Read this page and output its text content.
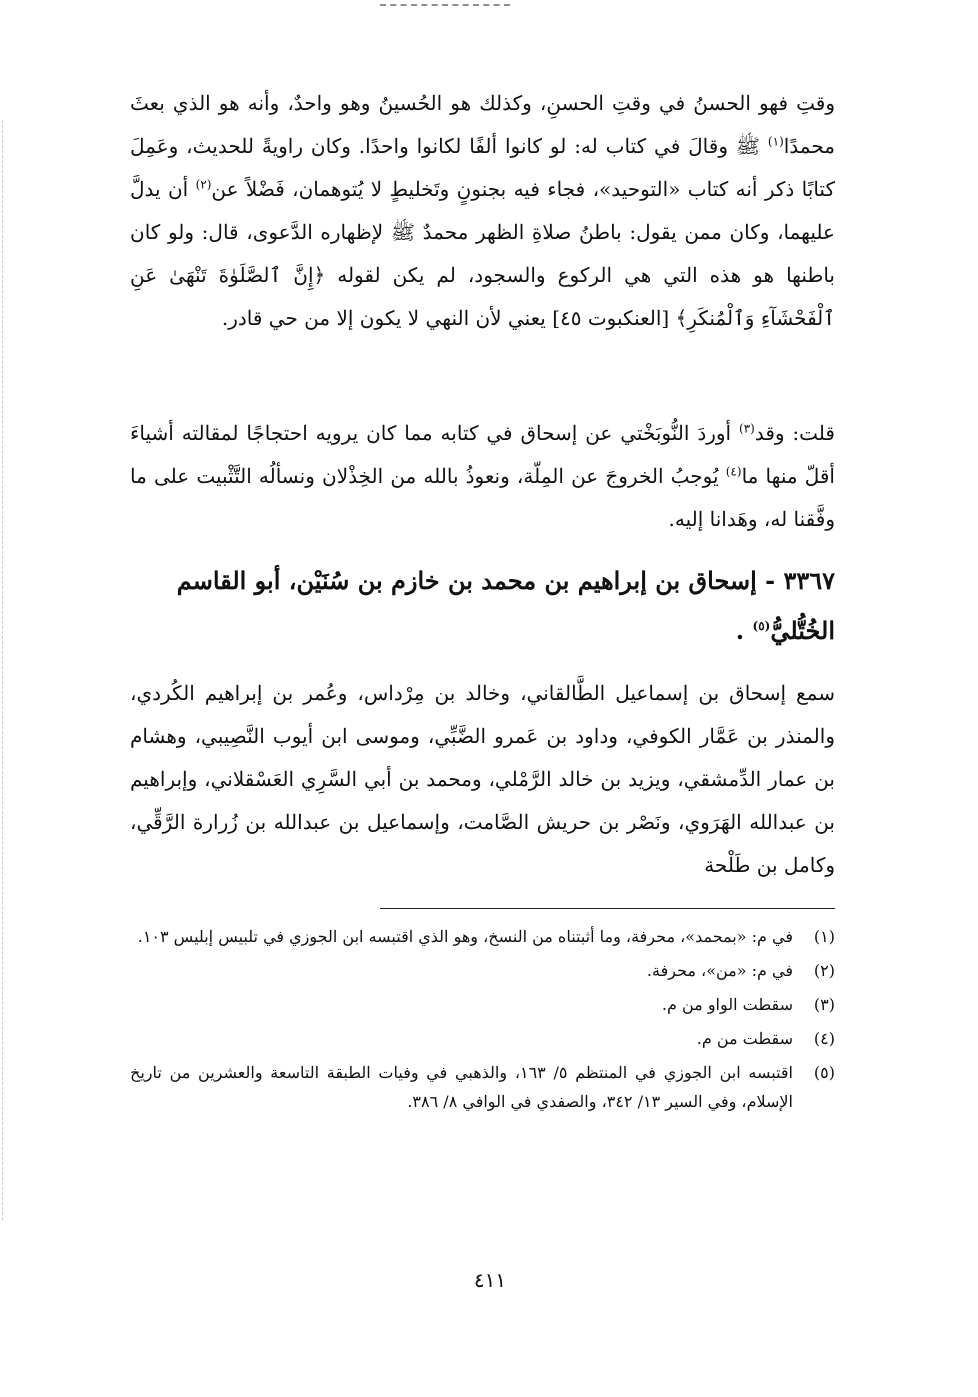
وقتِ فهو الحسنُ في وقتِ الحسنِ، وكذلك هو الحُسينُ وهو واحدٌ، وأنه هو الذي بعثَ محمدًا$^{(١)}$ ﷺ وقالَ في كتاب له: لو كانوا ألفًا لكانوا واحدًا. وكان راويةً للحديث، وعَمِلَ كتابًا ذكر أنه كتاب «التوحيد»، فجاء فيه بجنونٍ وتَخليطٍ لا يُتوهمان، فَضْلاً عن$^{(٢)}$ أن يدلَّ عليهما، وكان ممن يقول: باطنُ صلاةِ الظهر محمدٌ ﷺ لإظهاره الدَّعوى، قال: ولو كان باطنها هو هذه التي هي الركوع والسجود، لم يكن لقوله ﴿إِنَّ ٱلصَّلَوٰةَ تَنْهَىٰ عَنِ ٱلْفَحْشَآءِ وَٱلْمُنكَرِ﴾ [العنكبوت ٤٥] يعني لأن النهي لا يكون إلا من حي قادر.

قلت: وقد$^{(٣)}$ أوردَ النُّوبَخْتي عن إسحاق في كتابه مما كان يرويه احتجاجًا لمقالته أشياءَ أقلّ منها ما$^{(٤)}$ يُوجبُ الخروجَ عن المِلّة، ونعوذُ بالله من الخِذْلان ونسألُه التَّثْبيت على ما وفَّقنا له، وهَدانا إليه.

٣٣٦٧ - إسحاق بن إبراهيم بن محمد بن خازم بن سُنَيْن، أبو القاسم الخُتُّليُّ$^{(٥)}$ .

سمع إسحاق بن إسماعيل الطَّالقاني، وخالد بن مِرْداس، وعُمر بن إبراهيم الكُردي، والمنذر بن عَمَّار الكوفي، وداود بن عَمرو الضَّبِّي، وموسى ابن أيوب النَّصِيبي، وهشام بن عمار الدِّمشقي، ويزيد بن خالد الرَّمْلي، ومحمد بن أبي السَّرِي العَسْقلاني، وإبراهيم بن عبدالله الهَرَوي، ونَصْر بن حريش الصَّامت، وإسماعيل بن عبدالله بن زُرارة الرَّقِّي، وكامل بن طَلْحة

(١)
في م: «بمحمد»، محرفة، وما أثبتناه من النسخ، وهو الذي اقتبسه ابن الجوزي في تلبيس إبليس ١٠٣.
(٢)
في م: «من»، محرفة.
(٣)
سقطت الواو من م.
(٤)
سقطت من م.
(٥)
اقتبسه ابن الجوزي في المنتظم ٥/ ١٦٣، والذهبي في وفيات الطبقة التاسعة والعشرين من تاريخ الإسلام، وفي السير ١٣/ ٣٤٢، والصفدي في الوافي ٨/ ٣٨٦.
٤١١
